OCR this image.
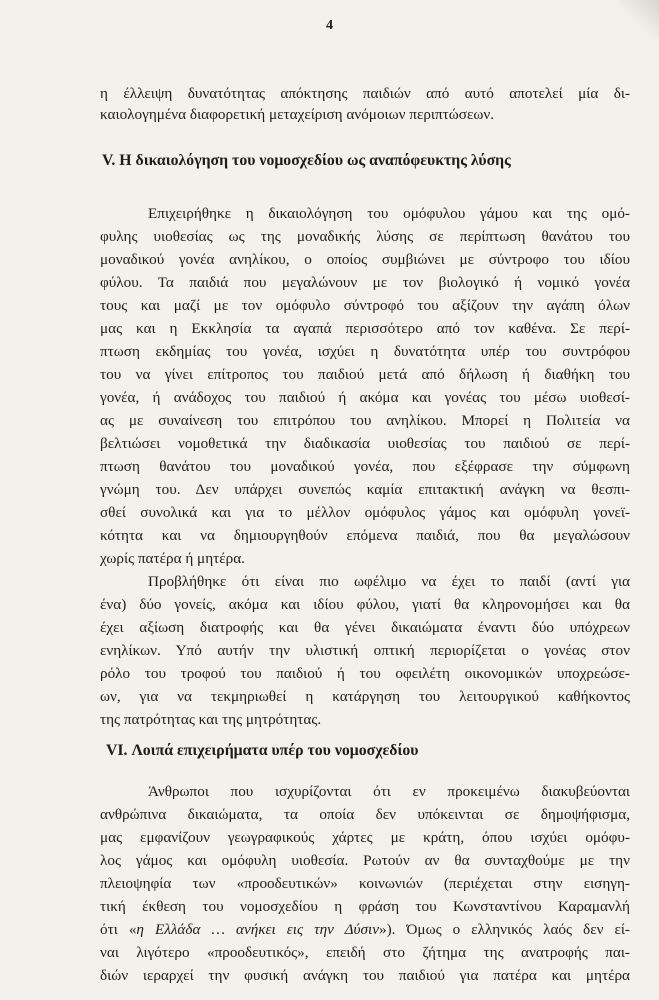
4
η έλλειψη δυνατότητας απόκτησης παιδιών από αυτό αποτελεί μία δι-
καιολογημένα διαφορετική μεταχείριση ανόμοιων περιπτώσεων.
V. Η δικαιολόγηση του νομοσχεδίου ως αναπόφευκτης λύσης
Επιχειρήθηκε η δικαιολόγηση του ομόφυλου γάμου και της ομό-
φυλης υιοθεσίας ως της μοναδικής λύσης σε περίπτωση θανάτου του
μοναδικού γονέα ανηλίκου, ο οποίος συμβιώνει με σύντροφο του ιδίου
φύλου. Τα παιδιά που μεγαλώνουν με τον βιολογικό ή νομικό γονέα
τους και μαζί με τον ομόφυλο σύντροφό του αξίζουν την αγάπη όλων
μας και η Εκκλησία τα αγαπά περισσότερο από τον καθένα. Σε περί-
πτωση εκδημίας του γονέα, ισχύει η δυνατότητα υπέρ του συντρόφου
του να γίνει επίτροπος του παιδιού μετά από δήλωση ή διαθήκη του
γονέα, ή ανάδοχος του παιδιού ή ακόμα και γονέας του μέσω υιοθεσί-
ας με συναίνεση του επιτρόπου του ανηλίκου. Μπορεί η Πολιτεία να
βελτιώσει νομοθετικά την διαδικασία υιοθεσίας του παιδιού σε περί-
πτωση θανάτου του μοναδικού γονέα, που εξέφρασε την σύμφωνη
γνώμη του. Δεν υπάρχει συνεπώς καμία επιτακτική ανάγκη να θεσπι-
σθεί συνολικά και για το μέλλον ομόφυλος γάμος και ομόφυλη γονεϊ-
κότητα και να δημιουργηθούν επόμενα παιδιά, που θα μεγαλώσουν
χωρίς πατέρα ή μητέρα.
Προβλήθηκε ότι είναι πιο ωφέλιμο να έχει το παιδί (αντί για
ένα) δύο γονείς, ακόμα και ιδίου φύλου, γιατί θα κληρονομήσει και θα
έχει αξίωση διατροφής και θα γένει δικαιώματα έναντι δύο υπόχρεων
ενηλίκων. Υπό αυτήν την υλιστική οπτική περιορίζεται ο γονέας στον
ρόλο του τροφού του παιδιού ή του οφειλέτη οικονομικών υποχρεώσε-
ων, για να τεκμηριωθεί η κατάργηση του λειτουργικού καθήκοντος
της πατρότητας και της μητρότητας.
VI. Λοιπά επιχειρήματα υπέρ του νομοσχεδίου
Άνθρωποι που ισχυρίζονται ότι εν προκειμένω διακυβεύονται
ανθρώπινα δικαιώματα, τα οποία δεν υπόκεινται σε δημοψήφισμα,
μας εμφανίζουν γεωγραφικούς χάρτες με κράτη, όπου ισχύει ομόφυ-
λος γάμος και ομόφυλη υιοθεσία. Ρωτούν αν θα συνταχθούμε με την
πλειοψηφία των «προοδευτικών» κοινωνιών (περιέχεται στην εισηγη-
τική έκθεση του νομοσχεδίου η φράση του Κωνσταντίνου Καραμανλή
ότι «η Ελλάδα … ανήκει εις την Δύσιν»). Όμως ο ελληνικός λαός δεν εί-
ναι λιγότερο «προοδευτικός», επειδή στο ζήτημα της ανατροφής παι-
διών ιεραρχεί την φυσική ανάγκη του παιδιού για πατέρα και μητέρα
